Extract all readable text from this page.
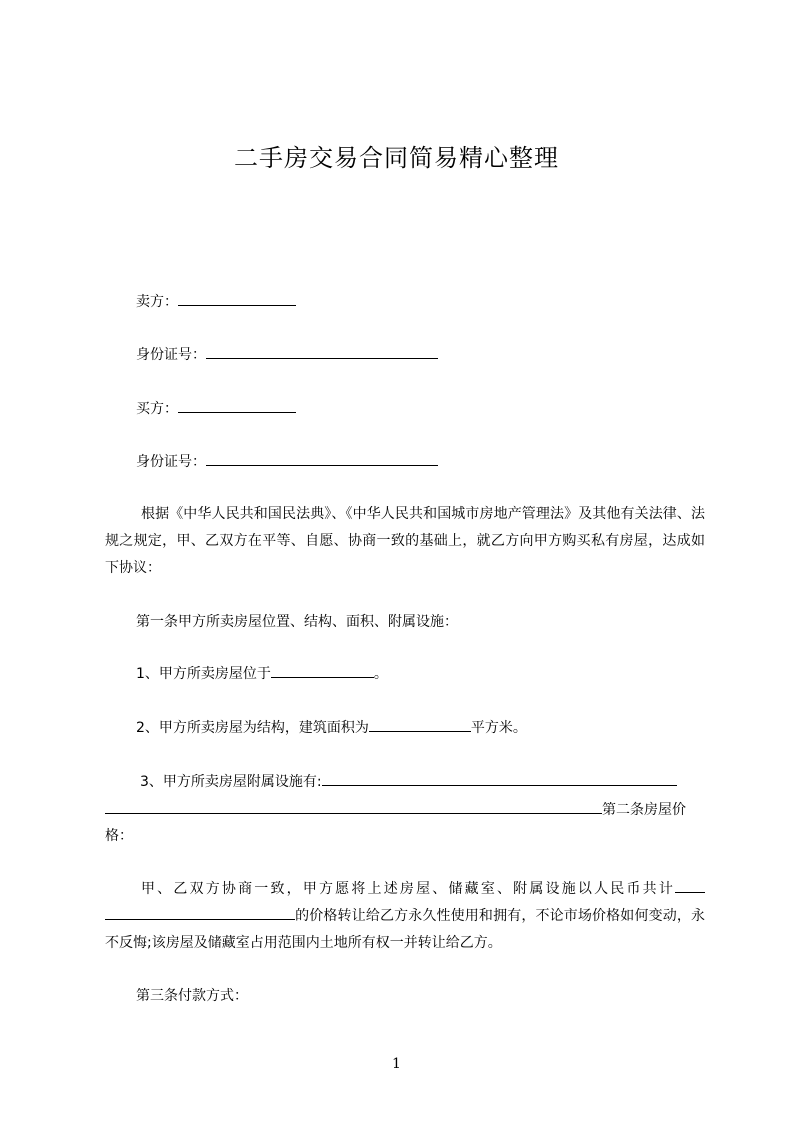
二手房交易合同简易精心整理
卖方：
身份证号：
买方：
身份证号：
根据《中华人民共和国民法典》、《中华人民共和国城市房地产管理法》及其他有关法律、法规之规定，甲、乙双方在平等、自愿、协商一致的基础上，就乙方向甲方购买私有房屋，达成如下协议：
第一条甲方所卖房屋位置、结构、面积、附属设施：
1、甲方所卖房屋位于	。
2、甲方所卖房屋为结构，建筑面积为	平方米。
3、甲方所卖房屋附属设施有:
第二条房屋价
格：
甲、乙双方协商一致，甲方愿将上述房屋、储藏室、附属设施以人民币共计的价格转让给乙方永久性使用和拥有，不论市场价格如何变动，永不反悔;该房屋及储藏室占用范围内土地所有权一并转让给乙方。
第三条付款方式：
1
